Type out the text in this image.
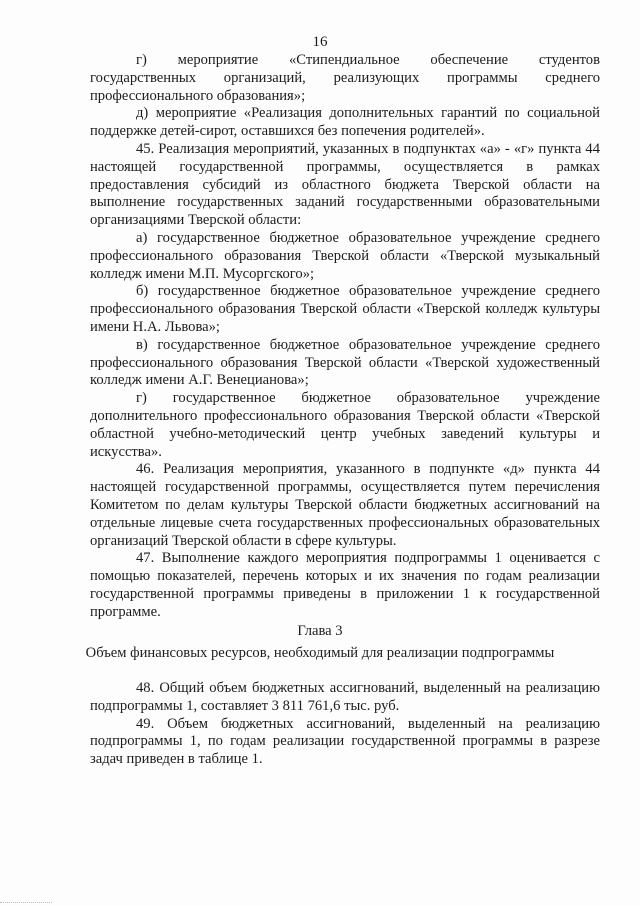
16

г) мероприятие «Стипендиальное обеспечение студентов государственных организаций, реализующих программы среднего профессионального образования»;

д) мероприятие «Реализация дополнительных гарантий по социальной поддержке детей-сирот, оставшихся без попечения родителей».

45. Реализация мероприятий, указанных в подпунктах «а» - «г» пункта 44 настоящей государственной программы, осуществляется в рамках предоставления субсидий из областного бюджета Тверской области на выполнение государственных заданий государственными образовательными организациями Тверской области:

а) государственное бюджетное образовательное учреждение среднего профессионального образования Тверской области «Тверской музыкальный колледж имени М.П. Мусоргского»;

б) государственное бюджетное образовательное учреждение среднего профессионального образования Тверской области «Тверской колледж культуры имени Н.А. Львова»;

в) государственное бюджетное образовательное учреждение среднего профессионального образования Тверской области «Тверской художественный колледж имени А.Г. Венецианова»;

г) государственное бюджетное образовательное учреждение дополнительного профессионального образования Тверской области «Тверской областной учебно-методический центр учебных заведений культуры и искусства».

46. Реализация мероприятия, указанного в подпункте «д» пункта 44 настоящей государственной программы, осуществляется путем перечисления Комитетом по делам культуры Тверской области бюджетных ассигнований на отдельные лицевые счета государственных профессиональных образовательных организаций Тверской области в сфере культуры.

47. Выполнение каждого мероприятия подпрограммы 1 оценивается с помощью показателей, перечень которых и их значения по годам реализации государственной программы приведены в приложении 1 к государственной программе.

Глава 3
Объем финансовых ресурсов, необходимый для реализации подпрограммы

48. Общий объем бюджетных ассигнований, выделенный на реализацию подпрограммы 1, составляет 3 811 761,6 тыс. руб.

49. Объем бюджетных ассигнований, выделенный на реализацию подпрограммы 1, по годам реализации государственной программы в разрезе задач приведен в таблице 1.
